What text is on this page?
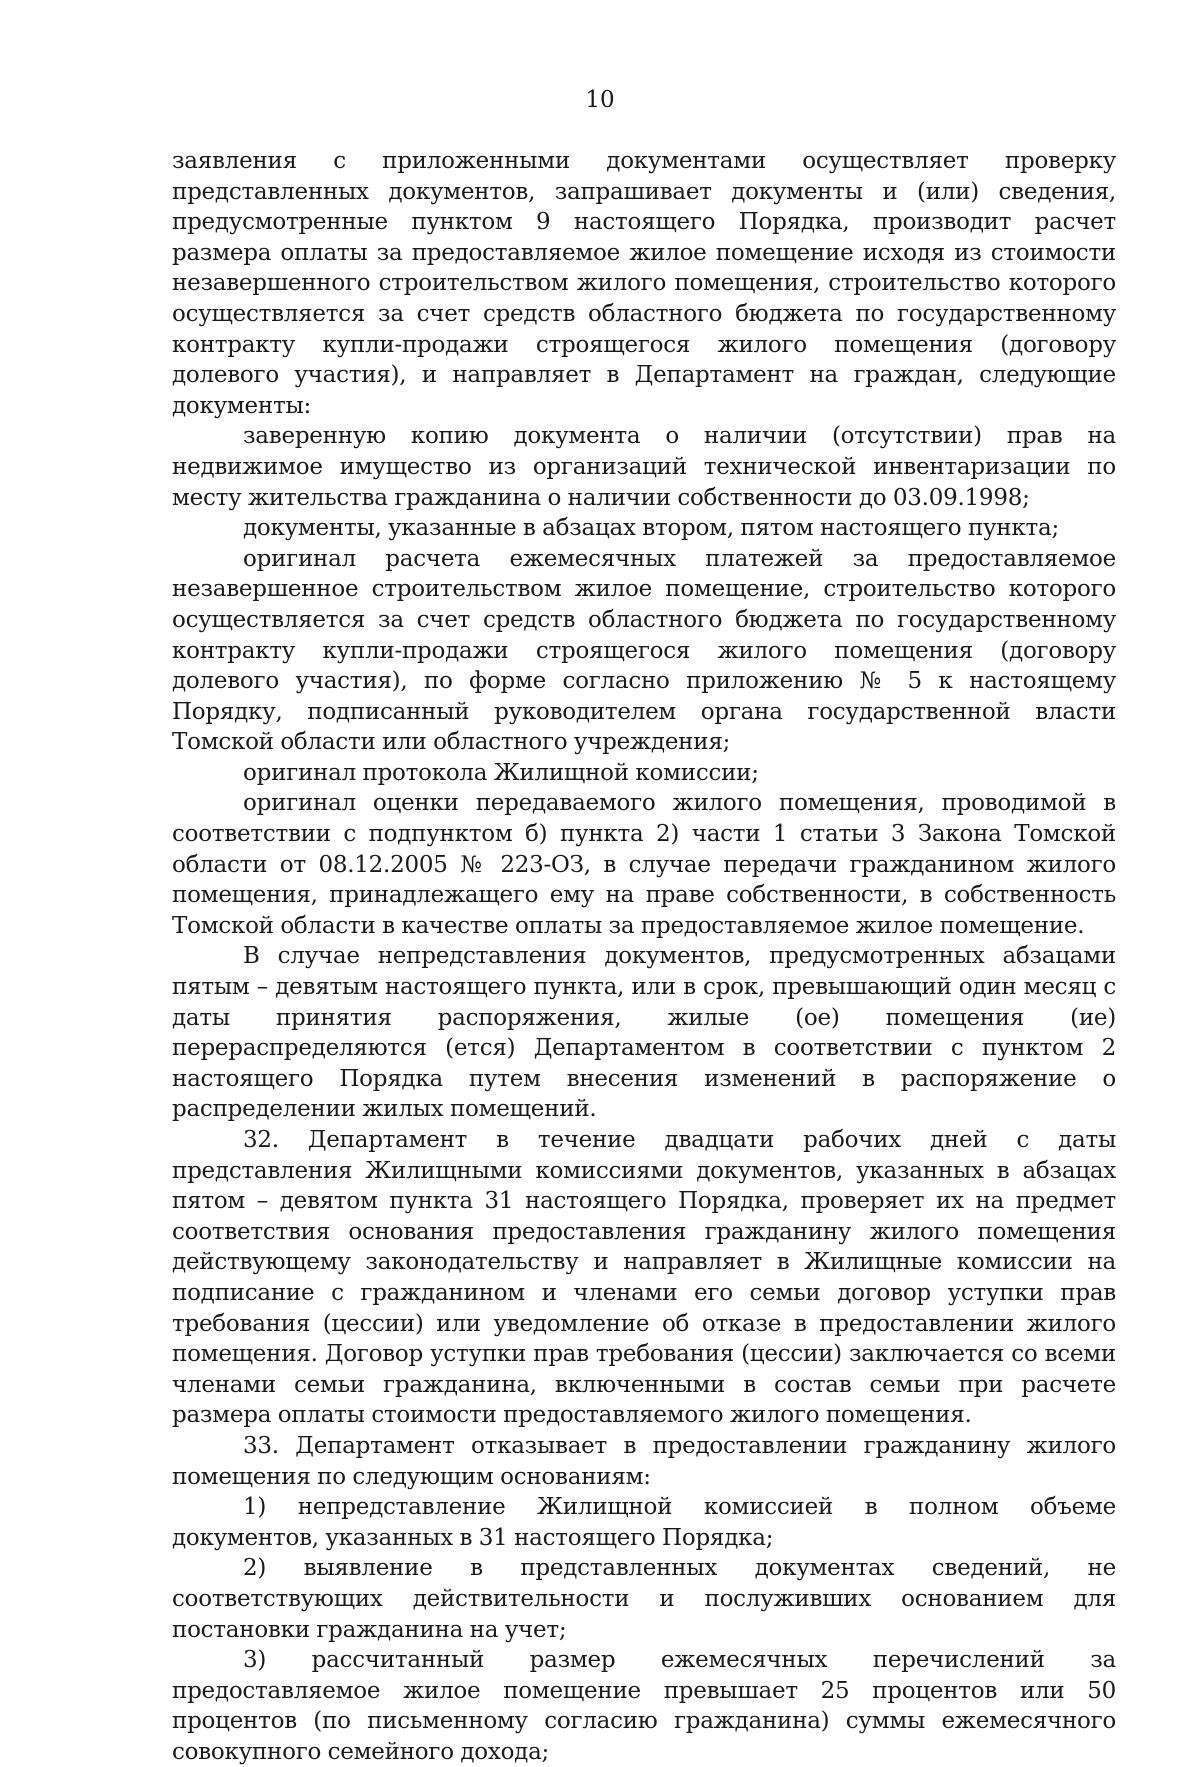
10

заявления с приложенными документами осуществляет проверку представленных документов, запрашивает документы и (или) сведения, предусмотренные пунктом 9 настоящего Порядка, производит расчет размера оплаты за предоставляемое жилое помещение исходя из стоимости незавершенного строительством жилого помещения, строительство которого осуществляется за счет средств областного бюджета по государственному контракту купли-продажи строящегося жилого помещения (договору долевого участия), и направляет в Департамент на граждан, следующие документы:

заверенную копию документа о наличии (отсутствии) прав на недвижимое имущество из организаций технической инвентаризации по месту жительства гражданина о наличии собственности до 03.09.1998;

документы, указанные в абзацах втором, пятом настоящего пункта;

оригинал расчета ежемесячных платежей за предоставляемое незавершенное строительством жилое помещение, строительство которого осуществляется за счет средств областного бюджета по государственному контракту купли-продажи строящегося жилого помещения (договору долевого участия), по форме согласно приложению № 5 к настоящему Порядку, подписанный руководителем органа государственной власти Томской области или областного учреждения;

оригинал протокола Жилищной комиссии;

оригинал оценки передаваемого жилого помещения, проводимой в соответствии с подпунктом б) пункта 2) части 1 статьи 3 Закона Томской области от 08.12.2005 № 223-ОЗ, в случае передачи гражданином жилого помещения, принадлежащего ему на праве собственности, в собственность Томской области в качестве оплаты за предоставляемое жилое помещение.

В случае непредставления документов, предусмотренных абзацами пятым – девятым настоящего пункта, или в срок, превышающий один месяц с даты принятия распоряжения, жилые (ое) помещения (ие) перераспределяются (ется) Департаментом в соответствии с пунктом 2 настоящего Порядка путем внесения изменений в распоряжение о распределении жилых помещений.

32. Департамент в течение двадцати рабочих дней с даты представления Жилищными комиссиями документов, указанных в абзацах пятом – девятом пункта 31 настоящего Порядка, проверяет их на предмет соответствия основания предоставления гражданину жилого помещения действующему законодательству и направляет в Жилищные комиссии на подписание с гражданином и членами его семьи договор уступки прав требования (цессии) или уведомление об отказе в предоставлении жилого помещения. Договор уступки прав требования (цессии) заключается со всеми членами семьи гражданина, включенными в состав семьи при расчете размера оплаты стоимости предоставляемого жилого помещения.

33. Департамент отказывает в предоставлении гражданину жилого помещения по следующим основаниям:

1) непредставление Жилищной комиссией в полном объеме документов, указанных в 31 настоящего Порядка;

2) выявление в представленных документах сведений, не соответствующих действительности и послуживших основанием для постановки гражданина на учет;

3) рассчитанный размер ежемесячных перечислений за предоставляемое жилое помещение превышает 25 процентов или 50 процентов (по письменному согласию гражданина) суммы ежемесячного совокупного семейного дохода;
